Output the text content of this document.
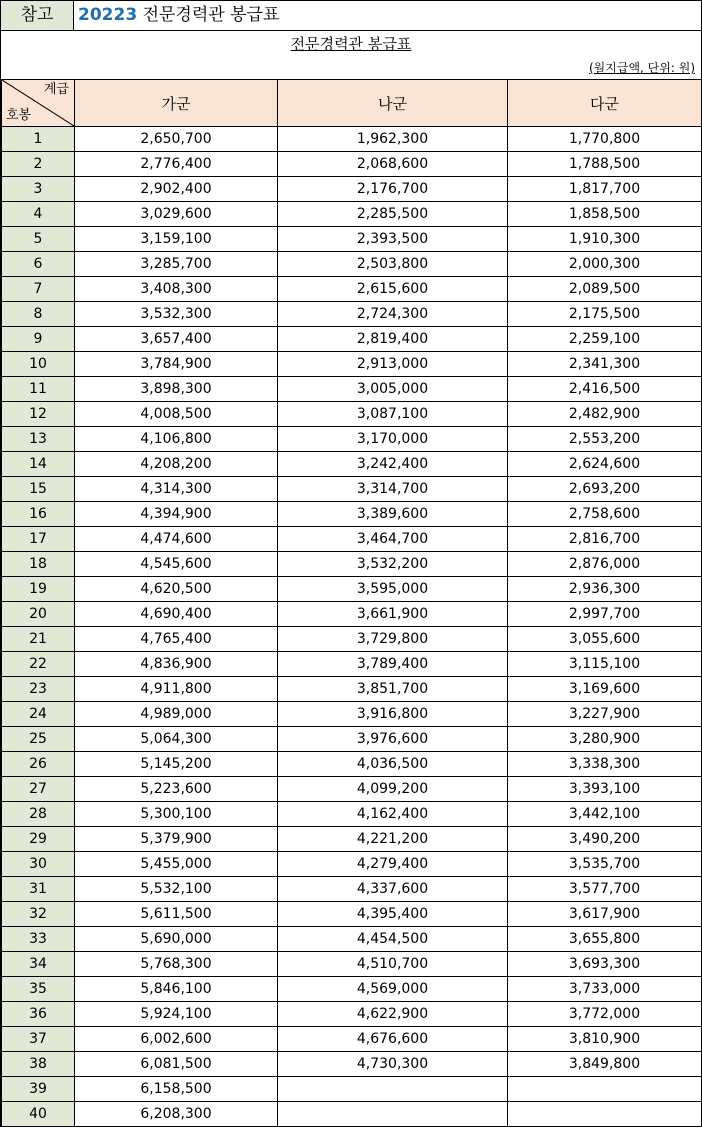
참고	20223 전문경력관 봉급표
전문경력관 봉급표
(월지급액, 단위: 원)
계급
호봉	가군	나군	다군
1	2,650,700	1,962,300	1,770,800
2	2,776,400	2,068,600	1,788,500
3	2,902,400	2,176,700	1,817,700
4	3,029,600	2,285,500	1,858,500
5	3,159,100	2,393,500	1,910,300
6	3,285,700	2,503,800	2,000,300
7	3,408,300	2,615,600	2,089,500
8	3,532,300	2,724,300	2,175,500
9	3,657,400	2,819,400	2,259,100
10	3,784,900	2,913,000	2,341,300
11	3,898,300	3,005,000	2,416,500
12	4,008,500	3,087,100	2,482,900
13	4,106,800	3,170,000	2,553,200
14	4,208,200	3,242,400	2,624,600
15	4,314,300	3,314,700	2,693,200
16	4,394,900	3,389,600	2,758,600
17	4,474,600	3,464,700	2,816,700
18	4,545,600	3,532,200	2,876,000
19	4,620,500	3,595,000	2,936,300
20	4,690,400	3,661,900	2,997,700
21	4,765,400	3,729,800	3,055,600
22	4,836,900	3,789,400	3,115,100
23	4,911,800	3,851,700	3,169,600
24	4,989,000	3,916,800	3,227,900
25	5,064,300	3,976,600	3,280,900
26	5,145,200	4,036,500	3,338,300
27	5,223,600	4,099,200	3,393,100
28	5,300,100	4,162,400	3,442,100
29	5,379,900	4,221,200	3,490,200
30	5,455,000	4,279,400	3,535,700
31	5,532,100	4,337,600	3,577,700
32	5,611,500	4,395,400	3,617,900
33	5,690,000	4,454,500	3,655,800
34	5,768,300	4,510,700	3,693,300
35	5,846,100	4,569,000	3,733,000
36	5,924,100	4,622,900	3,772,000
37	6,002,600	4,676,600	3,810,900
38	6,081,500	4,730,300	3,849,800
39	6,158,500		
40	6,208,300		
